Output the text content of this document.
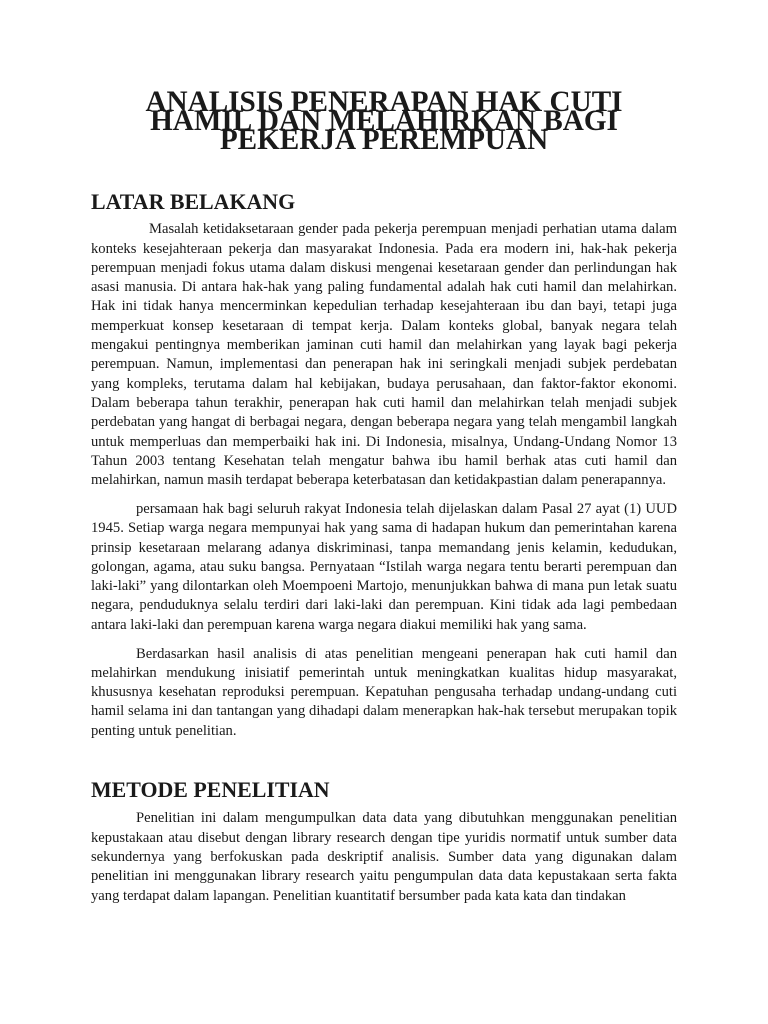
ANALISIS PENERAPAN HAK CUTI HAMIL DAN MELAHIRKAN BAGI PEKERJA PEREMPUAN
LATAR BELAKANG

Masalah ketidaksetaraan gender pada pekerja perempuan menjadi perhatian utama dalam konteks kesejahteraan pekerja dan masyarakat Indonesia. Pada era modern ini, hak-hak pekerja perempuan menjadi fokus utama dalam diskusi mengenai kesetaraan gender dan perlindungan hak asasi manusia. Di antara hak-hak yang paling fundamental adalah hak cuti hamil dan melahirkan. Hak ini tidak hanya mencerminkan kepedulian terhadap kesejahteraan ibu dan bayi, tetapi juga memperkuat konsep kesetaraan di tempat kerja. Dalam konteks global, banyak negara telah mengakui pentingnya memberikan jaminan cuti hamil dan melahirkan yang layak bagi pekerja perempuan. Namun, implementasi dan penerapan hak ini seringkali menjadi subjek perdebatan yang kompleks, terutama dalam hal kebijakan, budaya perusahaan, dan faktor-faktor ekonomi. Dalam beberapa tahun terakhir, penerapan hak cuti hamil dan melahirkan telah menjadi subjek perdebatan yang hangat di berbagai negara, dengan beberapa negara yang telah mengambil langkah untuk memperluas dan memperbaiki hak ini. Di Indonesia, misalnya, Undang-Undang Nomor 13 Tahun 2003 tentang Kesehatan telah mengatur bahwa ibu hamil berhak atas cuti hamil dan melahirkan, namun masih terdapat beberapa keterbatasan dan ketidakpastian dalam penerapannya.

persamaan hak bagi seluruh rakyat Indonesia telah dijelaskan dalam Pasal 27 ayat (1) UUD 1945. Setiap warga negara mempunyai hak yang sama di hadapan hukum dan pemerintahan karena prinsip kesetaraan melarang adanya diskriminasi, tanpa memandang jenis kelamin, kedudukan, golongan, agama, atau suku bangsa. Pernyataan “Istilah warga negara tentu berarti perempuan dan laki-laki” yang dilontarkan oleh Moempoeni Martojo, menunjukkan bahwa di mana pun letak suatu negara, penduduknya selalu terdiri dari laki-laki dan perempuan. Kini tidak ada lagi pembedaan antara laki-laki dan perempuan karena warga negara diakui memiliki hak yang sama.

Berdasarkan hasil analisis di atas penelitian mengeani penerapan hak cuti hamil dan melahirkan mendukung inisiatif pemerintah untuk meningkatkan kualitas hidup masyarakat, khususnya kesehatan reproduksi perempuan. Kepatuhan pengusaha terhadap undang-undang cuti hamil selama ini dan tantangan yang dihadapi dalam menerapkan hak-hak tersebut merupakan topik penting untuk penelitian.

METODE PENELITIAN

Penelitian ini dalam mengumpulkan data data yang dibutuhkan menggunakan penelitian kepustakaan atau disebut dengan library research dengan tipe yuridis normatif untuk sumber data sekundernya yang berfokuskan pada deskriptif analisis. Sumber data yang digunakan dalam penelitian ini menggunakan library research yaitu pengumpulan data data kepustakaan serta fakta yang terdapat dalam lapangan. Penelitian kuantitatif bersumber pada kata kata dan tindakan
